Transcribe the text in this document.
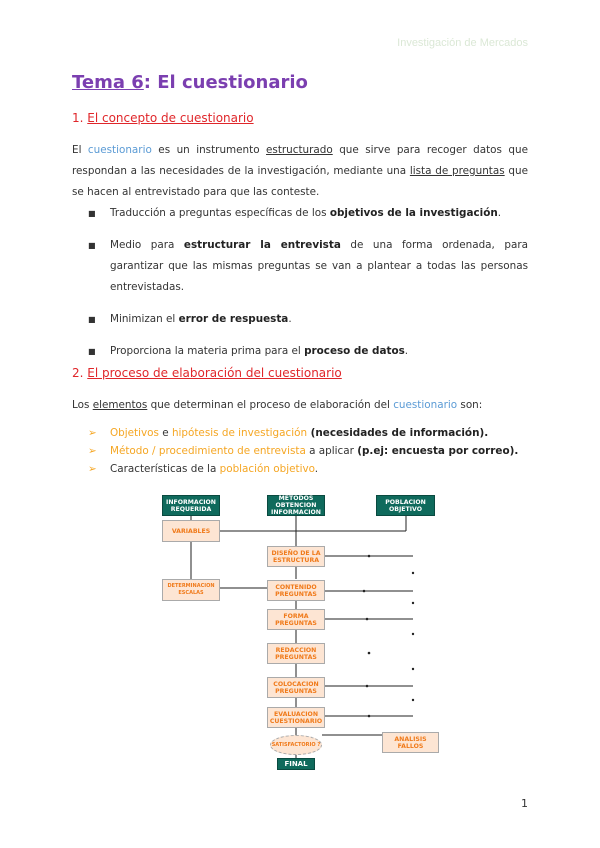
Investigación de Mercados
Tema 6: El cuestionario
1. El concepto de cuestionario
El cuestionario es un instrumento estructurado que sirve para recoger datos que respondan a las necesidades de la investigación, mediante una lista de preguntas que se hacen al entrevistado para que las conteste.
■ Traducción a preguntas específicas de los objetivos de la investigación.
■ Medio para estructurar la entrevista de una forma ordenada, para garantizar que las mismas preguntas se van a plantear a todas las personas entrevistadas.
■ Minimizan el error de respuesta.
■ Proporciona la materia prima para el proceso de datos.
2. El proceso de elaboración del cuestionario
Los elementos que determinan el proceso de elaboración del cuestionario son:
➢ Objetivos e hipótesis de investigación (necesidades de información).
➢ Método / procedimiento de entrevista a aplicar (p.ej: encuesta por correo).
➢ Características de la población objetivo.
INFORMACION REQUERIDA
METODOS OBTENCION INFORMACION
POBLACION OBJETIVO
VARIABLES
DISEÑO DE LA ESTRUCTURA
DETERMINACION ESCALAS
CONTENIDO PREGUNTAS
FORMA PREGUNTAS
REDACCION PREGUNTAS
COLOCACION PREGUNTAS
EVALUACION CUESTIONARIO
SATISFACTORIO ?
ANALISIS FALLOS
FINAL
1
